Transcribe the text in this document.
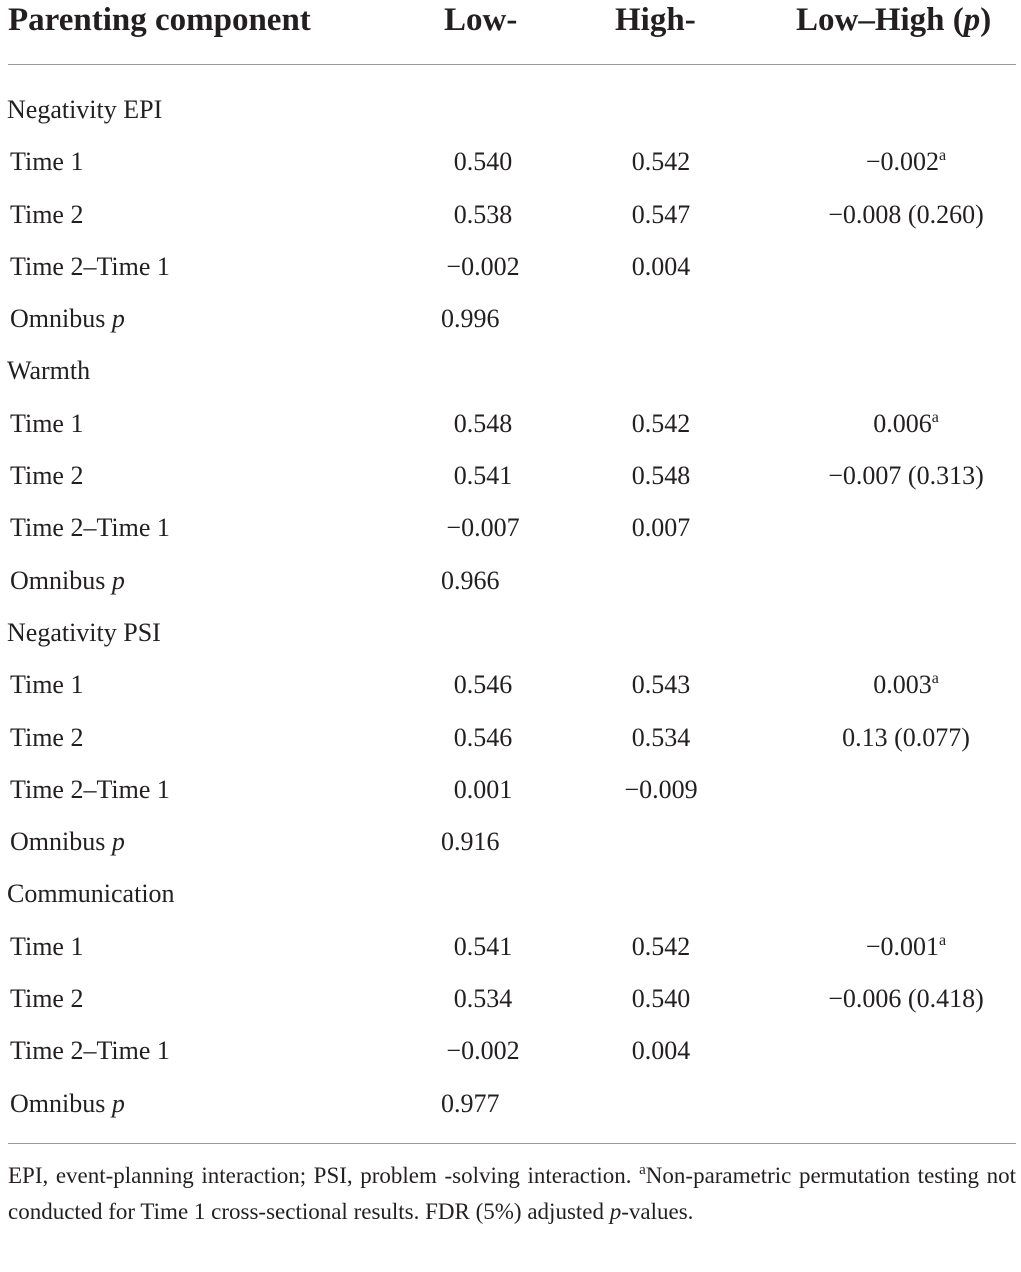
Parenting component	Low-	High-	Low–High (p)
Negativity EPI
Time 1	0.540	0.542	−0.002$^a$
Time 2	0.538	0.547	−0.008 (0.260)
Time 2–Time 1	−0.002	0.004
Omnibus p	0.996
Warmth
Time 1	0.548	0.542	0.006$^a$
Time 2	0.541	0.548	−0.007 (0.313)
Time 2–Time 1	−0.007	0.007
Omnibus p	0.966
Negativity PSI
Time 1	0.546	0.543	0.003$^a$
Time 2	0.546	0.534	0.13 (0.077)
Time 2–Time 1	0.001	−0.009
Omnibus p	0.916
Communication
Time 1	0.541	0.542	−0.001$^a$
Time 2	0.534	0.540	−0.006 (0.418)
Time 2–Time 1	−0.002	0.004
Omnibus p	0.977
EPI, event-planning interaction; PSI, problem -solving interaction. $^a$Non-parametric permutation testing not conducted for Time 1 cross-sectional results. FDR (5%) adjusted p-values.
